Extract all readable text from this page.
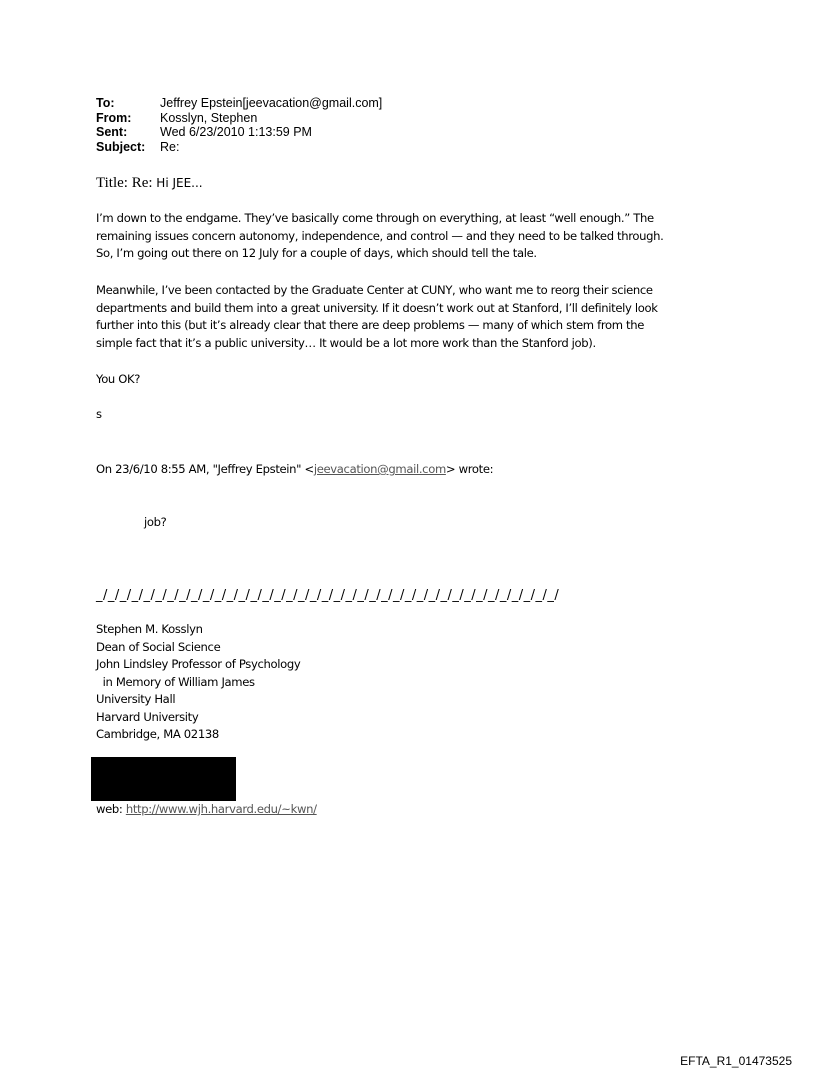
To:	Jeffrey Epstein[jeevacation@gmail.com]
From:	Kosslyn, Stephen
Sent:	Wed 6/23/2010 1:13:59 PM
Subject:	Re:
Title: Re: Hi JEE...
I’m down to the endgame. They’ve basically come through on everything, at least “well enough.” The
remaining issues concern autonomy, independence, and control — and they need to be talked through.
So, I’m going out there on 12 July for a couple of days, which should tell the tale.
Meanwhile, I’ve been contacted by the Graduate Center at CUNY, who want me to reorg their science
departments and build them into a great university. If it doesn’t work out at Stanford, I’ll definitely look
further into this (but it’s already clear that there are deep problems — many of which stem from the
simple fact that it’s a public university… It would be a lot more work than the Stanford job).
You OK?
s
On 23/6/10 8:55 AM, "Jeffrey Epstein" <jeevacation@gmail.com> wrote:
job?
_/_/_/_/_/_/_/_/_/_/_/_/_/_/_/_/_/_/_/_/_/_/_/_/_/_/_/_/_/_/_/_/_/_/_/_/_/_/_/
Stephen M. Kosslyn
Dean of Social Science
John Lindsley Professor of Psychology
in Memory of William James
University Hall
Harvard University
Cambridge, MA 02138
web: http://www.wjh.harvard.edu/~kwn/
EFTA_R1_01473525
